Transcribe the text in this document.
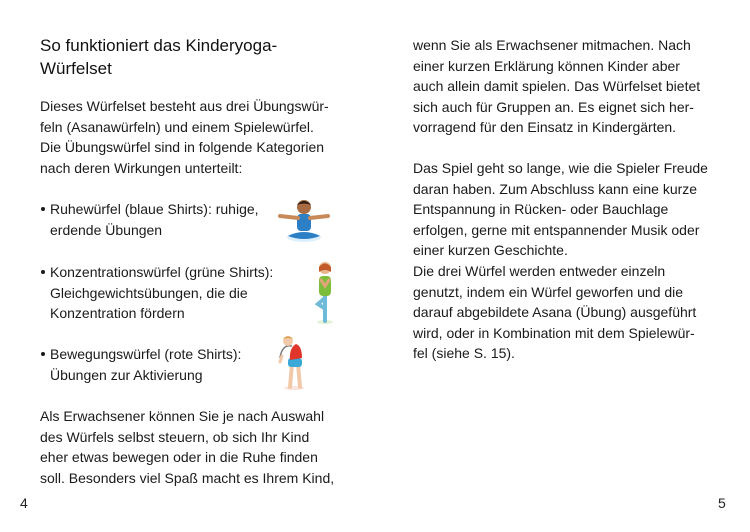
So funktioniert das Kinderyoga-
Würfelset
Dieses Würfelset besteht aus drei Übungswür-
feln (Asanawürfeln) und einem Spielewürfel.
Die Übungswürfel sind in folgende Kategorien
nach deren Wirkungen unterteilt:
Ruhewürfel (blaue Shirts): ruhige,
erdende Übungen
Konzentrationswürfel (grüne Shirts):
Gleichgewichtsübungen, die die
Konzentration fördern
Bewegungswürfel (rote Shirts):
Übungen zur Aktivierung
Als Erwachsener können Sie je nach Auswahl
des Würfels selbst steuern, ob sich Ihr Kind
eher etwas bewegen oder in die Ruhe finden
soll. Besonders viel Spaß macht es Ihrem Kind,
4
wenn Sie als Erwachsener mitmachen. Nach
einer kurzen Erklärung können Kinder aber
auch allein damit spielen. Das Würfelset bietet
sich auch für Gruppen an. Es eignet sich her-
vorragend für den Einsatz in Kindergärten.
Das Spiel geht so lange, wie die Spieler Freude
daran haben. Zum Abschluss kann eine kurze
Entspannung in Rücken- oder Bauchlage
erfolgen, gerne mit entspannender Musik oder
einer kurzen Geschichte.
Die drei Würfel werden entweder einzeln
genutzt, indem ein Würfel geworfen und die
darauf abgebildete Asana (Übung) ausgeführt
wird, oder in Kombination mit dem Spielewür-
fel (siehe S. 15).
5
